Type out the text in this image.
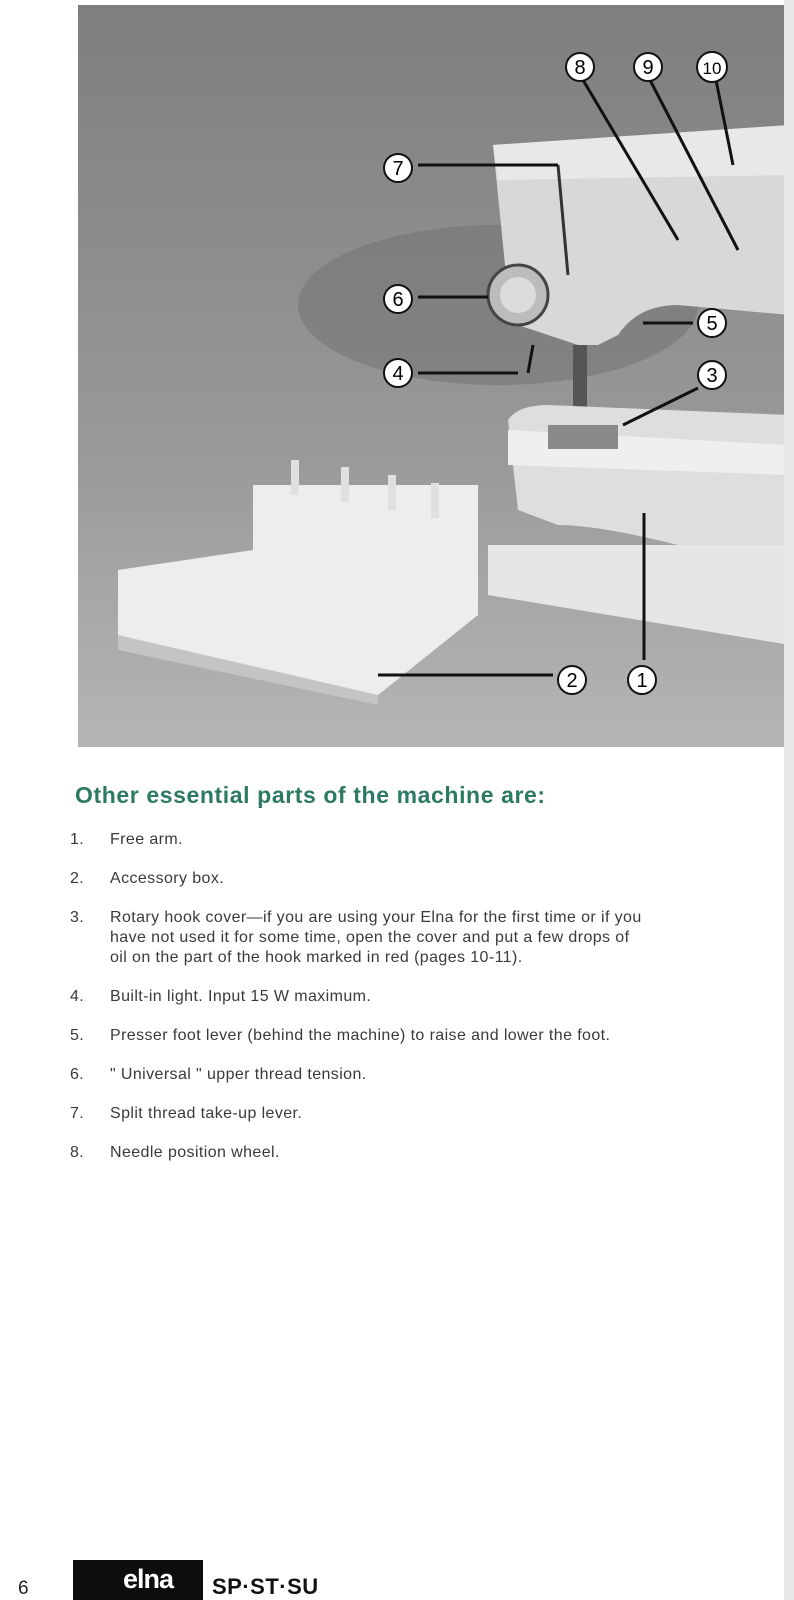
8	9	10
7
6
5
4	3
2	1
Other essential parts of the machine are:
1.	Free arm.
2.	Accessory box.
3.	Rotary hook cover—if you are using your Elna for the first time or if you have not used it for some time, open the cover and put a few drops of oil on the part of the hook marked in red (pages 10-11).
4.	Built-in light. Input 15 W maximum.
5.	Presser foot lever (behind the machine) to raise and lower the foot.
6.	" Universal " upper thread tension.
7.	Split thread take-up lever.
8.	Needle position wheel.
6	elna SP·ST·SU
